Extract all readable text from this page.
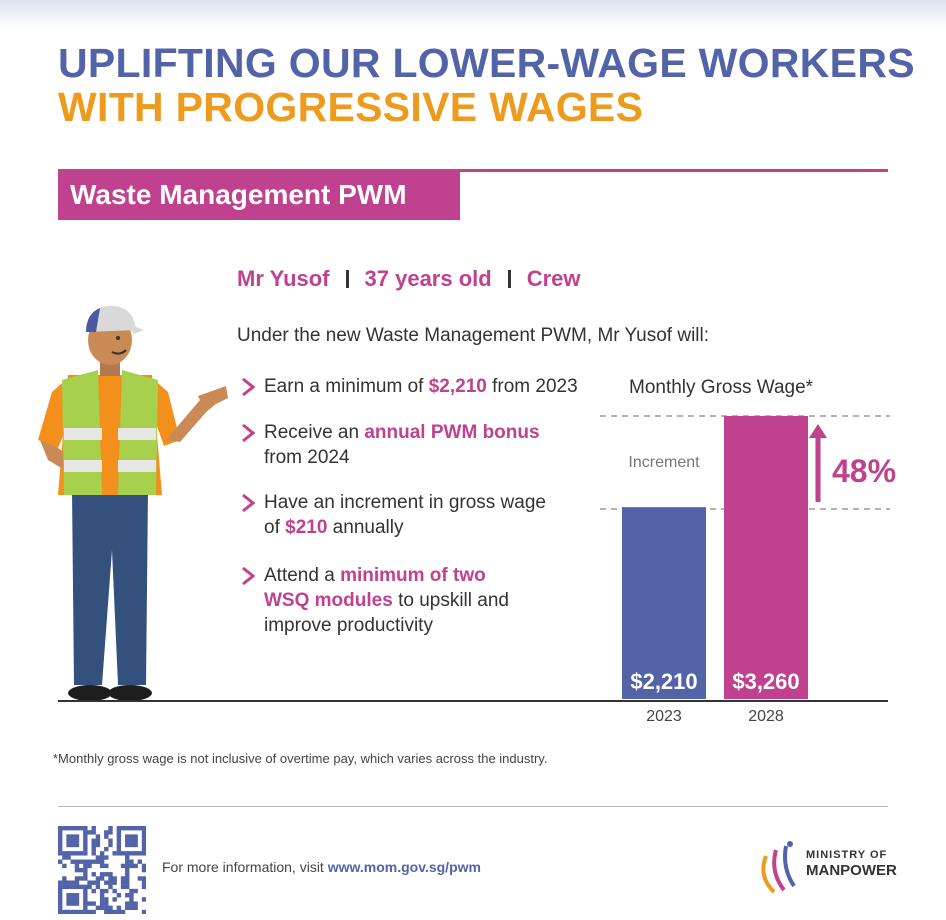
UPLIFTING OUR LOWER-WAGE WORKERS
WITH PROGRESSIVE WAGES
Waste Management PWM
Mr Yusof 37 years old Crew
Under the new Waste Management PWM, Mr Yusof will:
Earn a minimum of $2,210 from 2023
Receive an annual PWM bonus
from 2024
Have an increment in gross wage
of $210 annually
Attend a minimum of two
WSQ modules to upskill and
improve productivity
Monthly Gross Wage*
$2,210 $3,260
2023	2028
Increment	48%
*Monthly gross wage is not inclusive of overtime pay, which varies across the industry.
For more information, visit www.mom.gov.sg/pwm
MINISTRY OF
MANPOWER
